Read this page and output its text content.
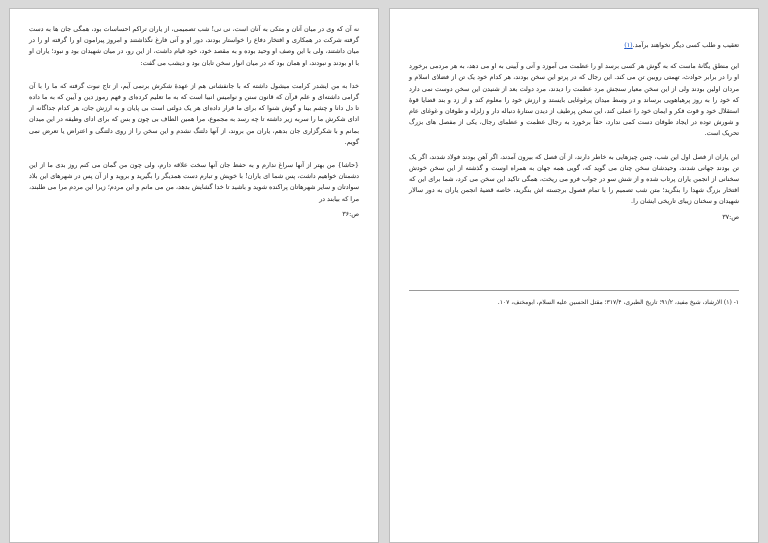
نه آن که وی در میان آنان و متکی به آنان است، نی نی! شب تصمیمی، از یاران تراکم احساسات بود، همگی جان ها به دست گرفته شرکت در همکاری و افتخار دفاع را خواستار بودند، دور او و آنی فارغ نگذاشتند و امروز پیرامون او را گرفته او را در میان داشتند، ولی با این وصف او وحید بوده و به مقصد خود، خود قیام داشت، از این رو، در میان شهیدان بود و نبود؛ یاران او با او بودند و نبودند، او همان بود که در میان انوار سخن تابان بود و دیشب می گفت:

خدا به من ایشدر کرامت میشول داشته که با جانفشانی هم از عهدهٔ شکرش برنمی آیم، از تاج نبوت گرفته که ما را با آن گرامی داشته‌ای و علم قرآن که قانون سنن و نوامیس انبیا است که به ما تعلیم کرده‌ای و فهم رموز دین و آیین که به ما داده تا دل دانا و چشم بینا و گوش شنوا که برای ما قرار داده‌ای هر یک دولتی است بی پایان و به ارزش جان، هر کدام جداگانه از ادای شکرش ما را سربه زیر داشته تا چه رسد به مجموع، مرا همین الطاف بی چون و بس که برای ادای وظیفه در این میدان بمانم و با شکرگزاری جان بدهم، یاران من بروند، از آنها دلتنگ نشدم و این سخن را از روی دلتنگی و اعتراض یا تعرض نمی گویم.

{حاشا} من بهتر از آنها سراغ ندارم و به حفظ جان آنها سخت علاقه دارم، ولی چون من گمان می کنم روز بدی ما از این دشمنان خواهیم داشت، پس شما ای یاران! با خویش و تبارم دست همدیگر را بگیرید و بروید و از آن پس در شهرهای این بلاد سوادتان و سایر شهرهاتان پراکنده شوید و باشید تا خدا گشایش بدهد، من می مانم و این مردم؛ زیرا این مردم مرا می طلبند، مرا که بیابند در

ص:۳۶

تعقیب و طلب کسی دیگر نخواهند برآمد.(۱)

این منطق یگانهٔ ماست که به گوش هر کسی برسد او را عظمت می آموزد و آنی و آیینی به او می دهد، به هر مردمی برخورد او را در برابر حوادث، تهمتی روبین تن می کند. این رجال که در پرتو این سخن بودند، هر کدام خود یک تن از فضلای اسلام و مردان اولین بودند ولی از این سخن معیار سنجش مرد عظمت را دیدند، مرد دولت بعد از شنیدن این سخن دوست نمی دارد که خود را به روز پرهیاهویی برساند و در وسط میدان پرغوغایی بایستد و ارزش خود را معلوم کند و از زد و بند قضایا قوهٔ استقلال خود و قوت فکر و ایمان خود را عملی کند، این سخن پرطیف از دیدن ستارهٔ دنباله دار و زلزله و طوفان و غوغای عام و شورش توده در ایجاد طوفان دست کمی ندارد، حقاً برخورد به رجال عظمت و عظمای رجال، یکی از مفصل های بزرگ تحریک است.

این یاران از فصل اول این شب، چنین چیزهایی به خاطر دارند، از آن فصل که بیرون آمدند، اگر آهن بودند فولاد شدند، اگر یک تن بودند جهانی شدند، وحیدشان سخن چنان می گوید که، گویی همه جهان به همراه اوست و گذشته از این سخن خودش سخنانی از انجمن یاران پرتاب شده و از شش سو در جواب فرو می ریخت، همگی تاکید این سخن می کرد، شما برای این که افتخار بزرگ شهدا را بنگرید؛ متن شب تصمیم را با تمام فصول برجسته اش بنگرید، خاصه قضیهٔ انجمن یاران به دور سالار شهیدان و سخنان زیبای تاریخی ایشان را.

ص:۳۷
۱- (۱) الارشاد، شیخ مفید، ۹۱/۲؛ تاریخ الطبری، ۳۱۷/۴؛ مقتل الحسین علیه السلام، ابومخنف، ۱۰۷.
